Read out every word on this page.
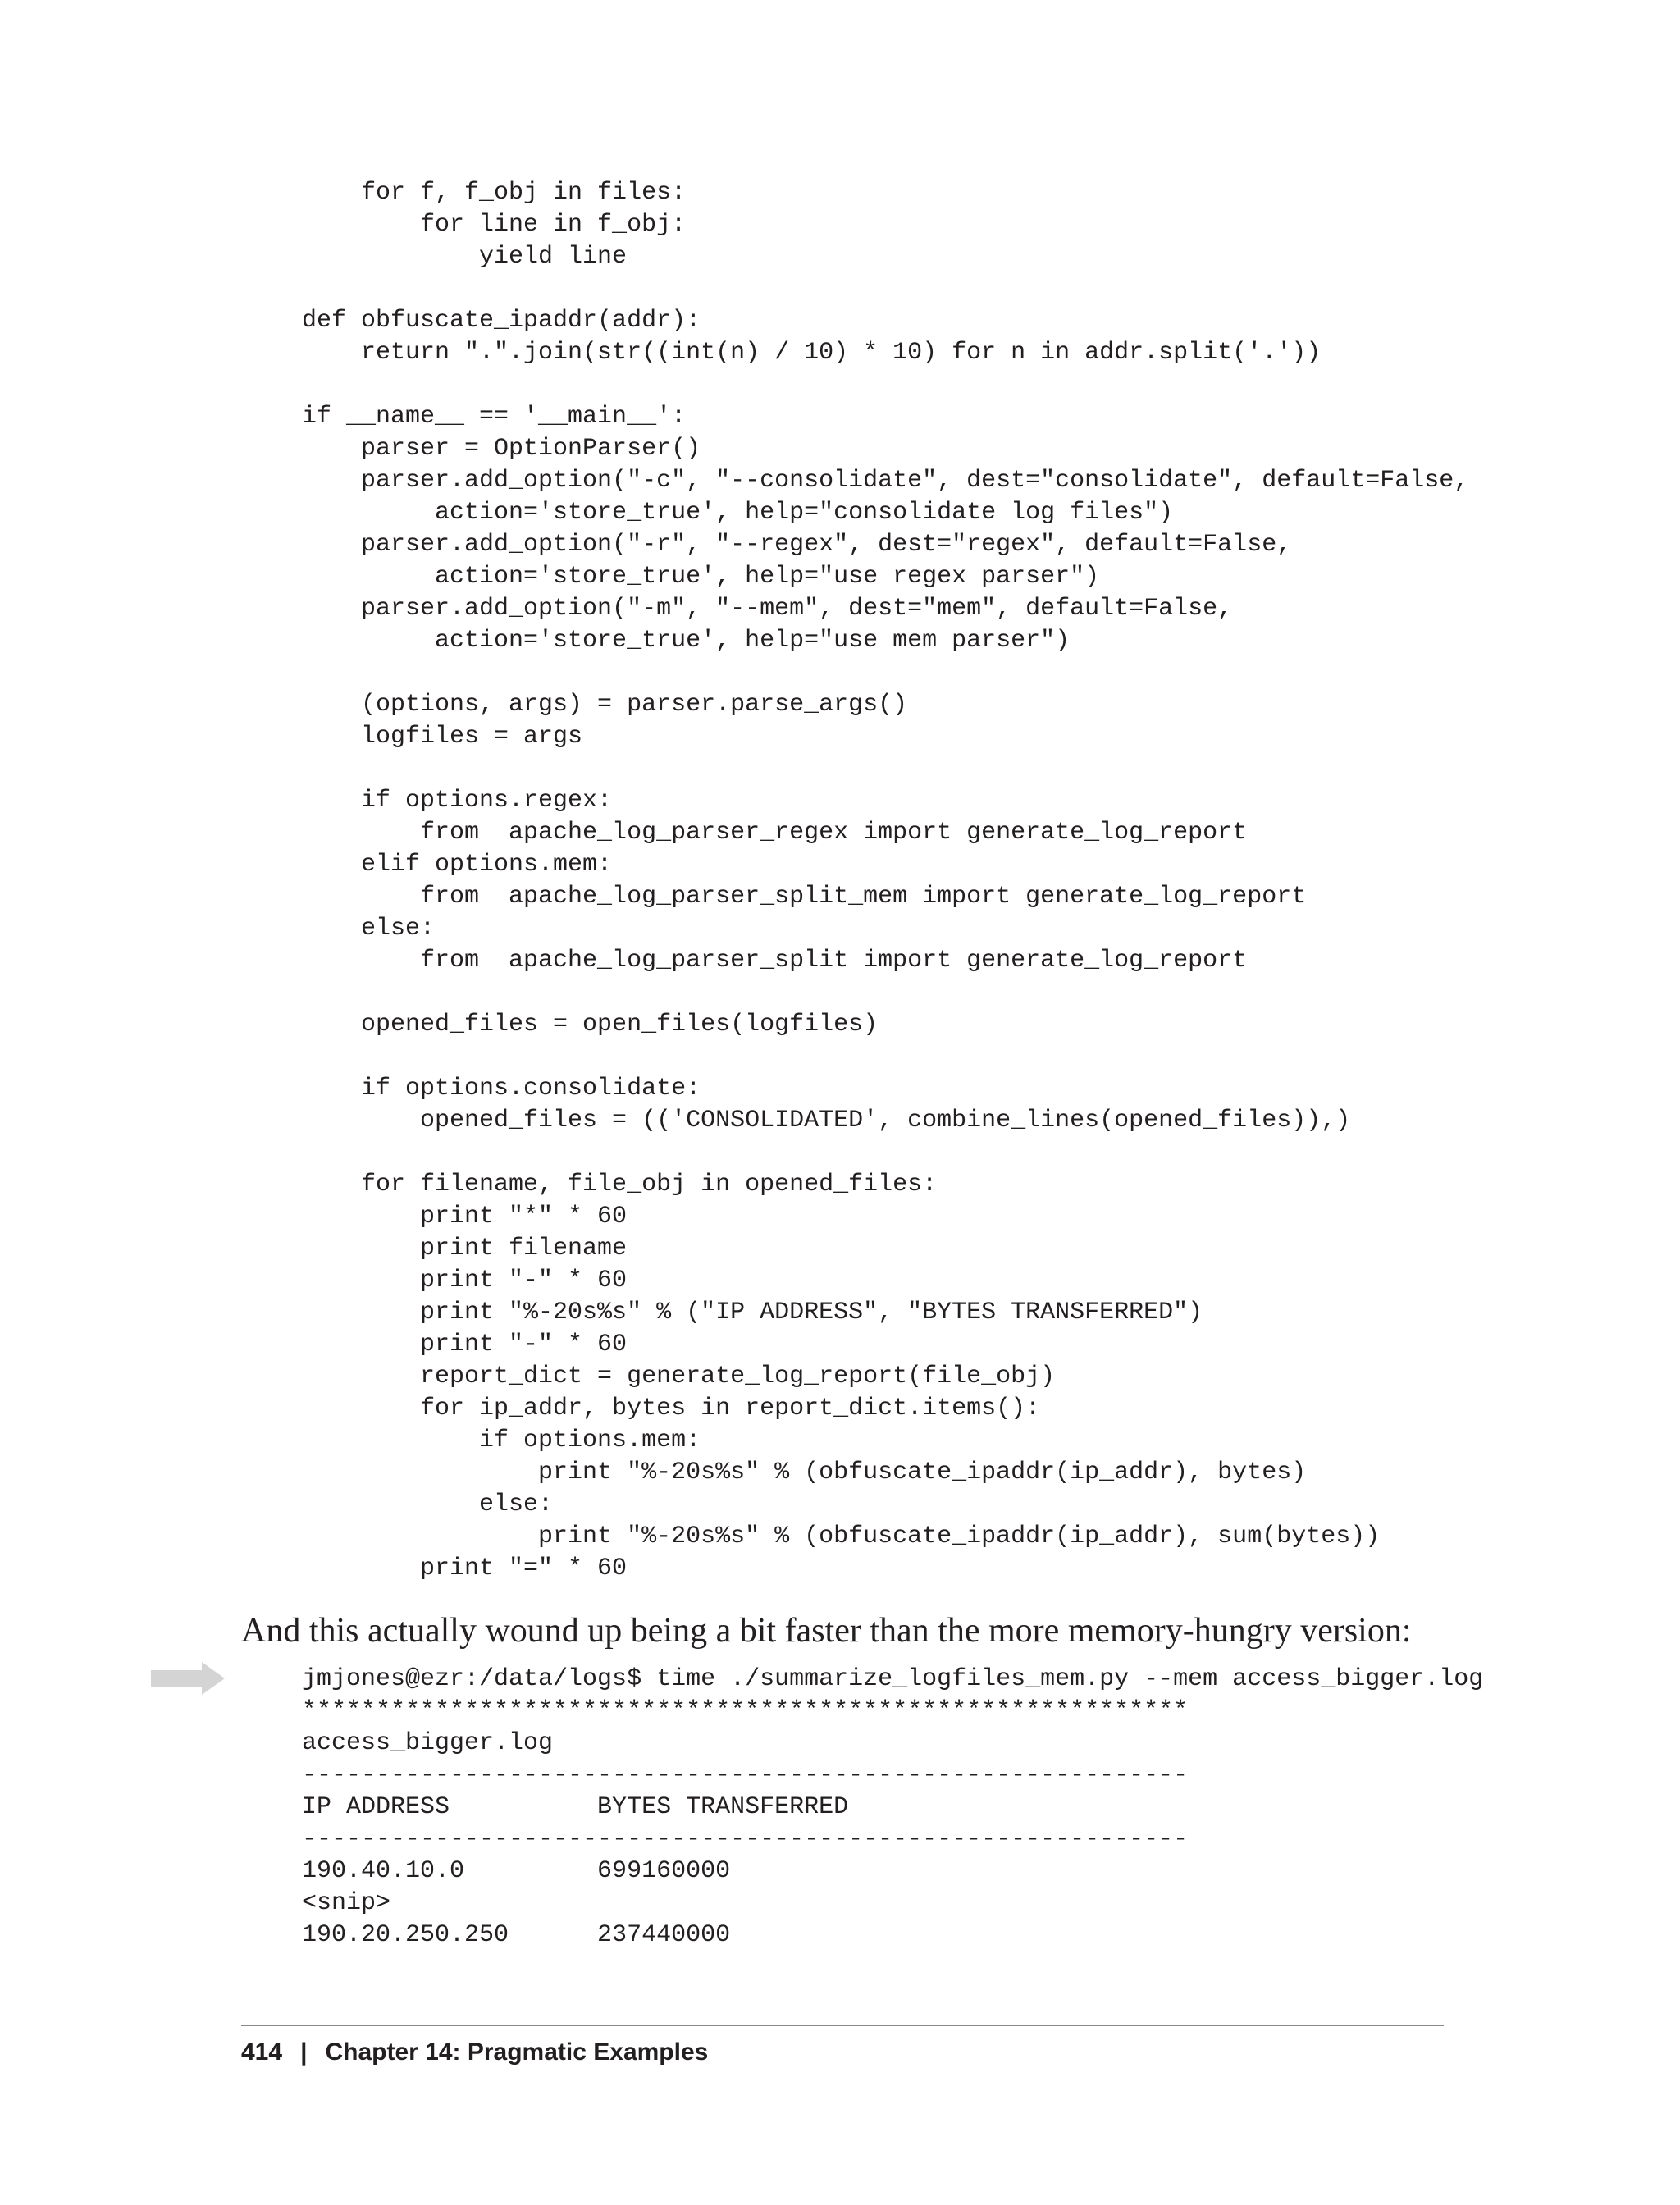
for f, f_obj in files:
for line in f_obj:
yield line

def obfuscate_ipaddr(addr):
return ".".join(str((int(n) / 10) * 10) for n in addr.split('.'))

if __name__ == '__main__':
parser = OptionParser()
parser.add_option("-c", "--consolidate", dest="consolidate", default=False,
action='store_true', help="consolidate log files")
parser.add_option("-r", "--regex", dest="regex", default=False,
action='store_true', help="use regex parser")
parser.add_option("-m", "--mem", dest="mem", default=False,
action='store_true', help="use mem parser")

(options, args) = parser.parse_args()
logfiles = args

if options.regex:
from  apache_log_parser_regex import generate_log_report
elif options.mem:
from  apache_log_parser_split_mem import generate_log_report
else:
from  apache_log_parser_split import generate_log_report

opened_files = open_files(logfiles)

if options.consolidate:
opened_files = (('CONSOLIDATED', combine_lines(opened_files)),)

for filename, file_obj in opened_files:
print "*" * 60
print filename
print "-" * 60
print "%-20s%s" % ("IP ADDRESS", "BYTES TRANSFERRED")
print "-" * 60
report_dict = generate_log_report(file_obj)
for ip_addr, bytes in report_dict.items():
if options.mem:
print "%-20s%s" % (obfuscate_ipaddr(ip_addr), bytes)
else:
print "%-20s%s" % (obfuscate_ipaddr(ip_addr), sum(bytes))
print "=" * 60

And this actually wound up being a bit faster than the more memory-hungry version:

jmjones@ezr:/data/logs$ time ./summarize_logfiles_mem.py --mem access_bigger.log
************************************************************
access_bigger.log
------------------------------------------------------------
IP ADDRESS          BYTES TRANSFERRED
------------------------------------------------------------
190.40.10.0         699160000
<snip>
190.20.250.250      237440000
414 | Chapter 14: Pragmatic Examples
